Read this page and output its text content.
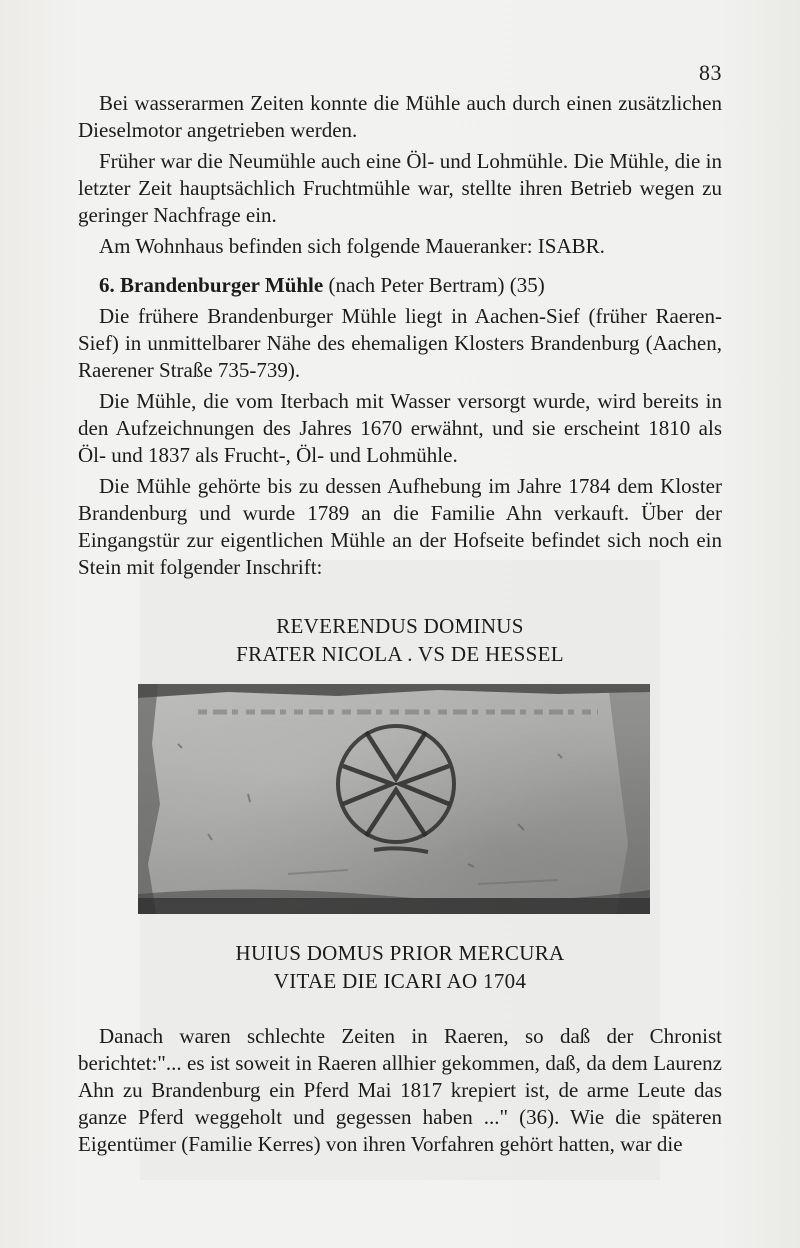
83

Bei wasserarmen Zeiten konnte die Mühle auch durch einen zusätzlichen Dieselmotor angetrieben werden.

Früher war die Neumühle auch eine Öl- und Lohmühle. Die Mühle, die in letzter Zeit hauptsächlich Fruchtmühle war, stellte ihren Betrieb wegen zu geringer Nachfrage ein.

Am Wohnhaus befinden sich folgende Maueranker: ISABR.

6. Brandenburger Mühle (nach Peter Bertram) (35)

Die frühere Brandenburger Mühle liegt in Aachen-Sief (früher Raeren-Sief) in unmittelbarer Nähe des ehemaligen Klosters Brandenburg (Aachen, Raerener Straße 735-739).

Die Mühle, die vom Iterbach mit Wasser versorgt wurde, wird bereits in den Aufzeichnungen des Jahres 1670 erwähnt, und sie erscheint 1810 als Öl- und 1837 als Frucht-, Öl- und Lohmühle.

Die Mühle gehörte bis zu dessen Aufhebung im Jahre 1784 dem Kloster Brandenburg und wurde 1789 an die Familie Ahn verkauft. Über der Eingangstür zur eigentlichen Mühle an der Hofseite befindet sich noch ein Stein mit folgender Inschrift:

REVERENDUS DOMINUS
FRATER NICOLA . VS DE HESSEL
HUIUS DOMUS PRIOR MERCURA
VITAE DIE ICARI AO 1704

Danach waren schlechte Zeiten in Raeren, so daß der Chronist berichtet:"... es ist soweit in Raeren allhier gekommen, daß, da dem Laurenz Ahn zu Brandenburg ein Pferd Mai 1817 krepiert ist, de arme Leute das ganze Pferd weggeholt und gegessen haben ..." (36). Wie die späteren Eigentümer (Familie Kerres) von ihren Vorfahren gehört hatten, war die
